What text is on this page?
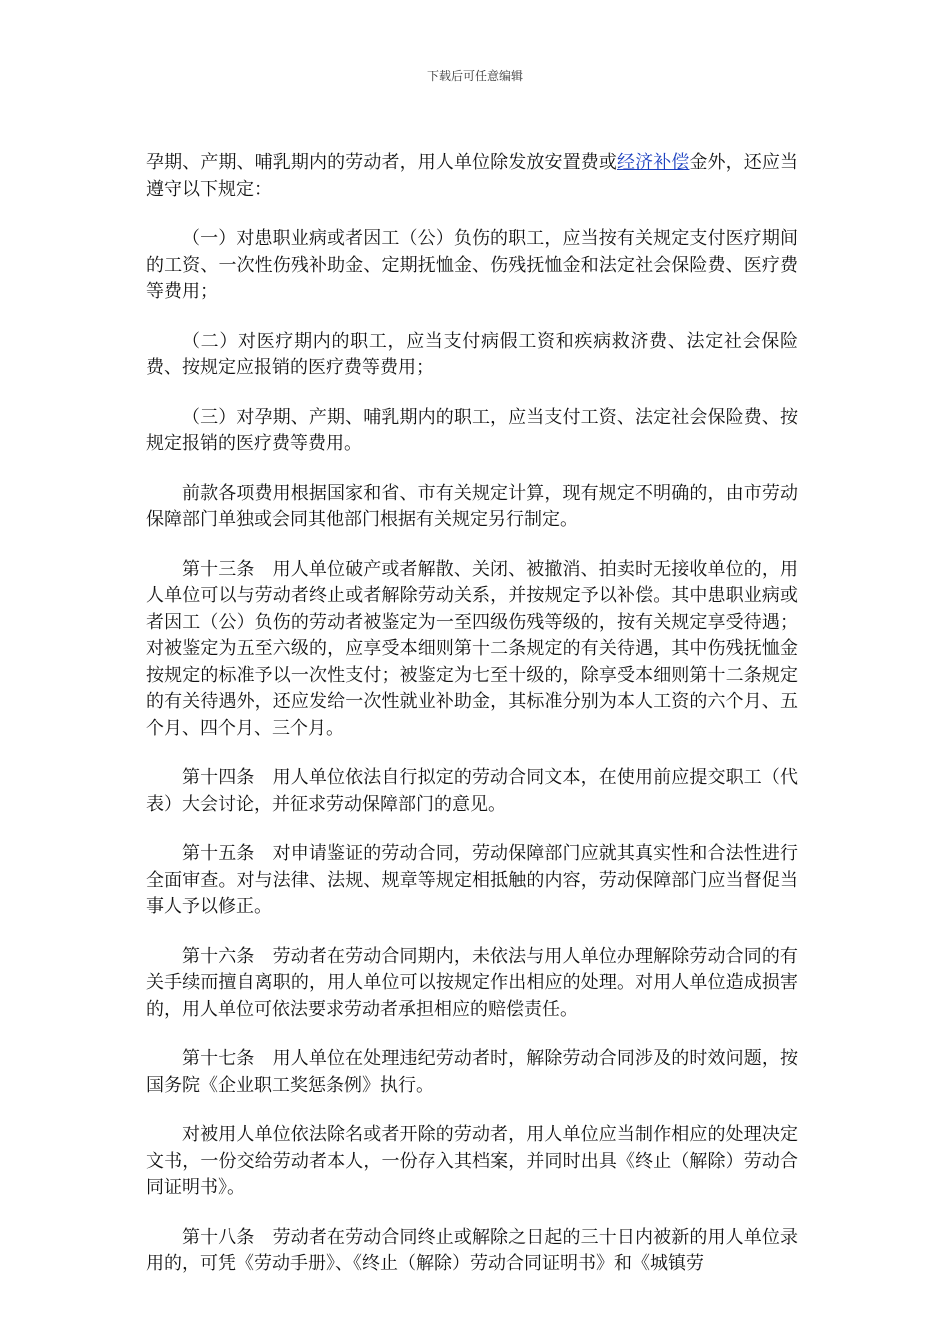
下载后可任意编辑

孕期、产期、哺乳期内的劳动者，用人单位除发放安置费或经济补偿金外，还应当遵守以下规定：

（一）对患职业病或者因工（公）负伤的职工，应当按有关规定支付医疗期间的工资、一次性伤残补助金、定期抚恤金、伤残抚恤金和法定社会保险费、医疗费等费用；

（二）对医疗期内的职工，应当支付病假工资和疾病救济费、法定社会保险费、按规定应报销的医疗费等费用；

（三）对孕期、产期、哺乳期内的职工，应当支付工资、法定社会保险费、按规定报销的医疗费等费用。

前款各项费用根据国家和省、市有关规定计算，现有规定不明确的，由市劳动保障部门单独或会同其他部门根据有关规定另行制定。

第十三条　用人单位破产或者解散、关闭、被撤消、拍卖时无接收单位的，用人单位可以与劳动者终止或者解除劳动关系，并按规定予以补偿。其中患职业病或者因工（公）负伤的劳动者被鉴定为一至四级伤残等级的，按有关规定享受待遇；对被鉴定为五至六级的，应享受本细则第十二条规定的有关待遇，其中伤残抚恤金按规定的标准予以一次性支付；被鉴定为七至十级的，除享受本细则第十二条规定的有关待遇外，还应发给一次性就业补助金，其标准分别为本人工资的六个月、五个月、四个月、三个月。

第十四条　用人单位依法自行拟定的劳动合同文本，在使用前应提交职工（代表）大会讨论，并征求劳动保障部门的意见。

第十五条　对申请鉴证的劳动合同，劳动保障部门应就其真实性和合法性进行全面审查。对与法律、法规、规章等规定相抵触的内容，劳动保障部门应当督促当事人予以修正。

第十六条　劳动者在劳动合同期内，未依法与用人单位办理解除劳动合同的有关手续而擅自离职的，用人单位可以按规定作出相应的处理。对用人单位造成损害的，用人单位可依法要求劳动者承担相应的赔偿责任。

第十七条　用人单位在处理违纪劳动者时，解除劳动合同涉及的时效问题，按国务院《企业职工奖惩条例》执行。

对被用人单位依法除名或者开除的劳动者，用人单位应当制作相应的处理决定文书，一份交给劳动者本人，一份存入其档案，并同时出具《终止（解除）劳动合同证明书》。

第十八条　劳动者在劳动合同终止或解除之日起的三十日内被新的用人单位录用的，可凭《劳动手册》、《终止（解除）劳动合同证明书》和《城镇劳
